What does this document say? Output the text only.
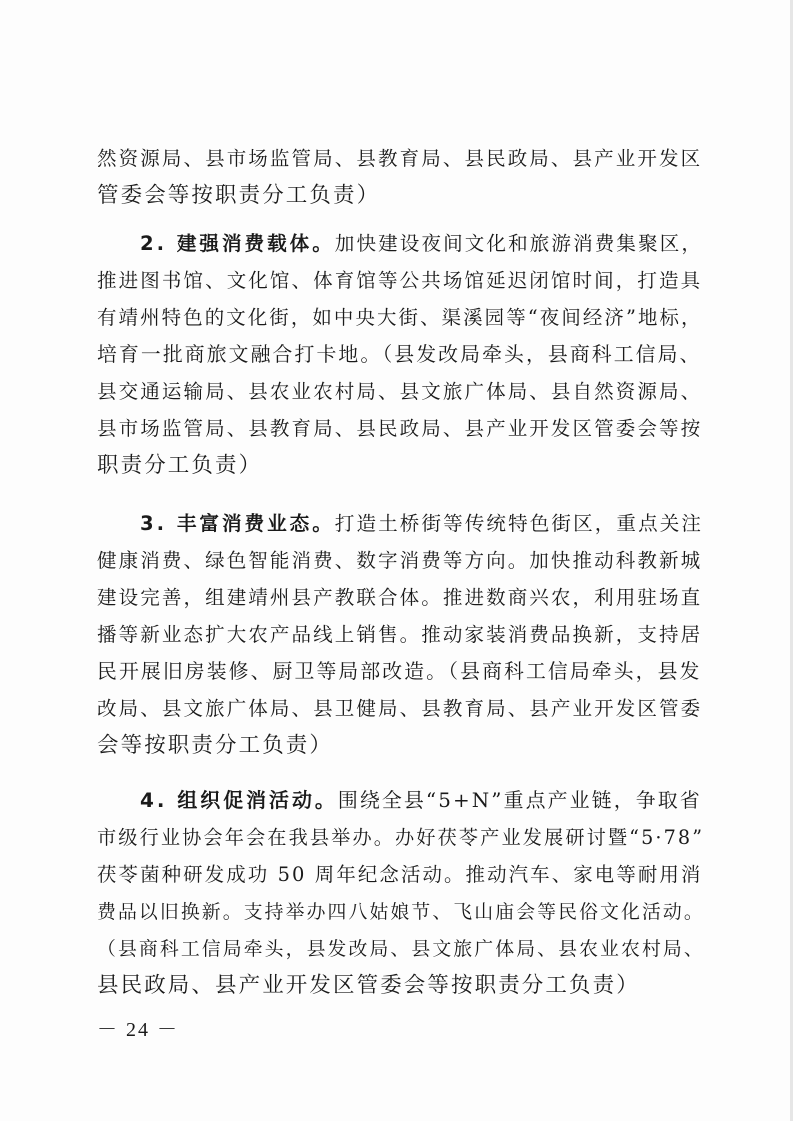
然资源局、县市场监管局、县教育局、县民政局、县产业开发区
管委会等按职责分工负责）
2. 建强消费载体。加快建设夜间文化和旅游消费集聚区，
推进图书馆、文化馆、体育馆等公共场馆延迟闭馆时间，打造具
有靖州特色的文化街，如中央大街、渠溪园等“夜间经济”地标，
培育一批商旅文融合打卡地。（县发改局牵头，县商科工信局、
县交通运输局、县农业农村局、县文旅广体局、县自然资源局、
县市场监管局、县教育局、县民政局、县产业开发区管委会等按
职责分工负责）
3. 丰富消费业态。打造土桥街等传统特色街区，重点关注
健康消费、绿色智能消费、数字消费等方向。加快推动科教新城
建设完善，组建靖州县产教联合体。推进数商兴农，利用驻场直
播等新业态扩大农产品线上销售。推动家装消费品换新，支持居
民开展旧房装修、厨卫等局部改造。（县商科工信局牵头，县发
改局、县文旅广体局、县卫健局、县教育局、县产业开发区管委
会等按职责分工负责）
4. 组织促消活动。围绕全县“5+N”重点产业链，争取省
市级行业协会年会在我县举办。办好茯苓产业发展研讨暨“5·78”
茯苓菌种研发成功 50 周年纪念活动。推动汽车、家电等耐用消
费品以旧换新。支持举办四八姑娘节、飞山庙会等民俗文化活动。
（县商科工信局牵头，县发改局、县文旅广体局、县农业农村局、
县民政局、县产业开发区管委会等按职责分工负责）
－ 24 －
